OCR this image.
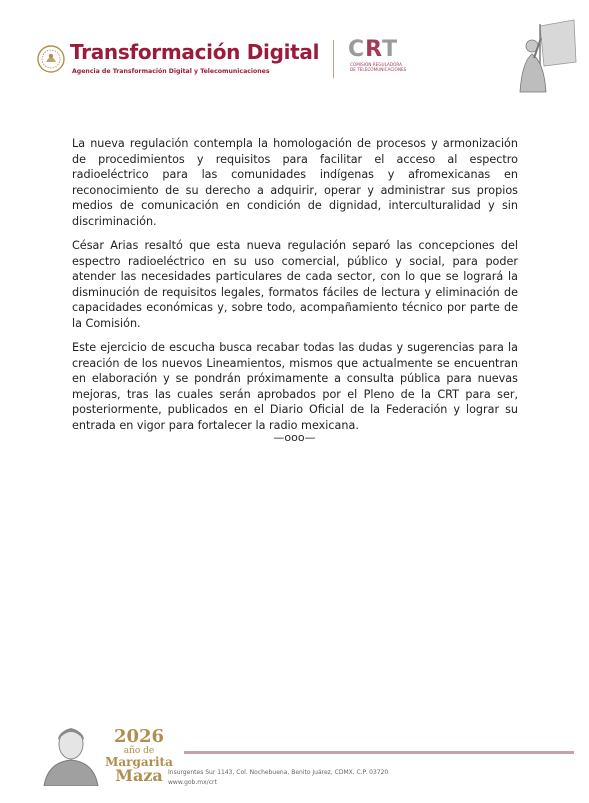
Transformación Digital
Agencia de Transformación Digital y Telecomunicaciones
CRT
COMISIÓN REGULADORA
DE TELECOMUNICACIONES

La nueva regulación contempla la homologación de procesos y armonización de procedimientos y requisitos para facilitar el acceso al espectro radioeléctrico para las comunidades indígenas y afromexicanas en reconocimiento de su derecho a adquirir, operar y administrar sus propios medios de comunicación en condición de dignidad, interculturalidad y sin discriminación.

César Arias resaltó que esta nueva regulación separó las concepciones del espectro radioeléctrico en su uso comercial, público y social, para poder atender las necesidades particulares de cada sector, con lo que se logrará la disminución de requisitos legales, formatos fáciles de lectura y eliminación de capacidades económicas y, sobre todo, acompañamiento técnico por parte de la Comisión.

Este ejercicio de escucha busca recabar todas las dudas y sugerencias para la creación de los nuevos Lineamientos, mismos que actualmente se encuentran en elaboración y se pondrán próximamente a consulta pública para nuevas mejoras, tras las cuales serán aprobados por el Pleno de la CRT para ser, posteriormente, publicados en el Diario Oficial de la Federación y lograr su entrada en vigor para fortalecer la radio mexicana.

—ooo—
2026
año de
Margarita
Maza Insurgentes Sur 1143, Col. Nochebuena, Benito Juárez, CDMX, C.P. 03720
www.gob.mx/crt
